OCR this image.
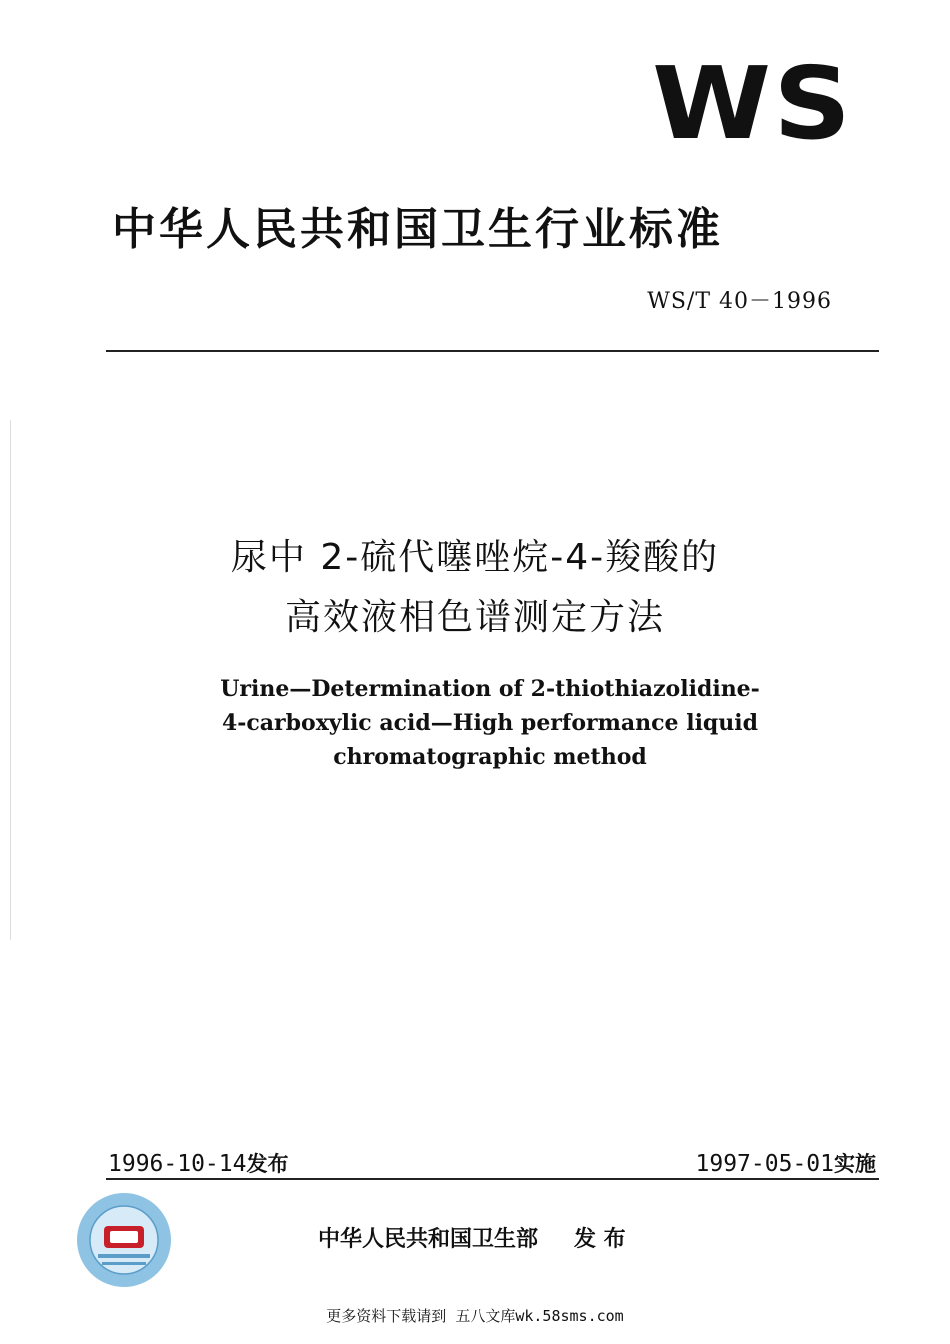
WS
中华人民共和国卫生行业标准
WS/T 40－1996
尿中 2-硫代噻唑烷-4-羧酸的
高效液相色谱测定方法
Urine—Determination of 2-thiothiazolidine-
4-carboxylic acid—High performance liquid
chromatographic method
1996-10-14发布	1997-05-01实施
中华人民共和国卫生部 发 布
更多资料下载请到 五八文库wk.58sms.com
